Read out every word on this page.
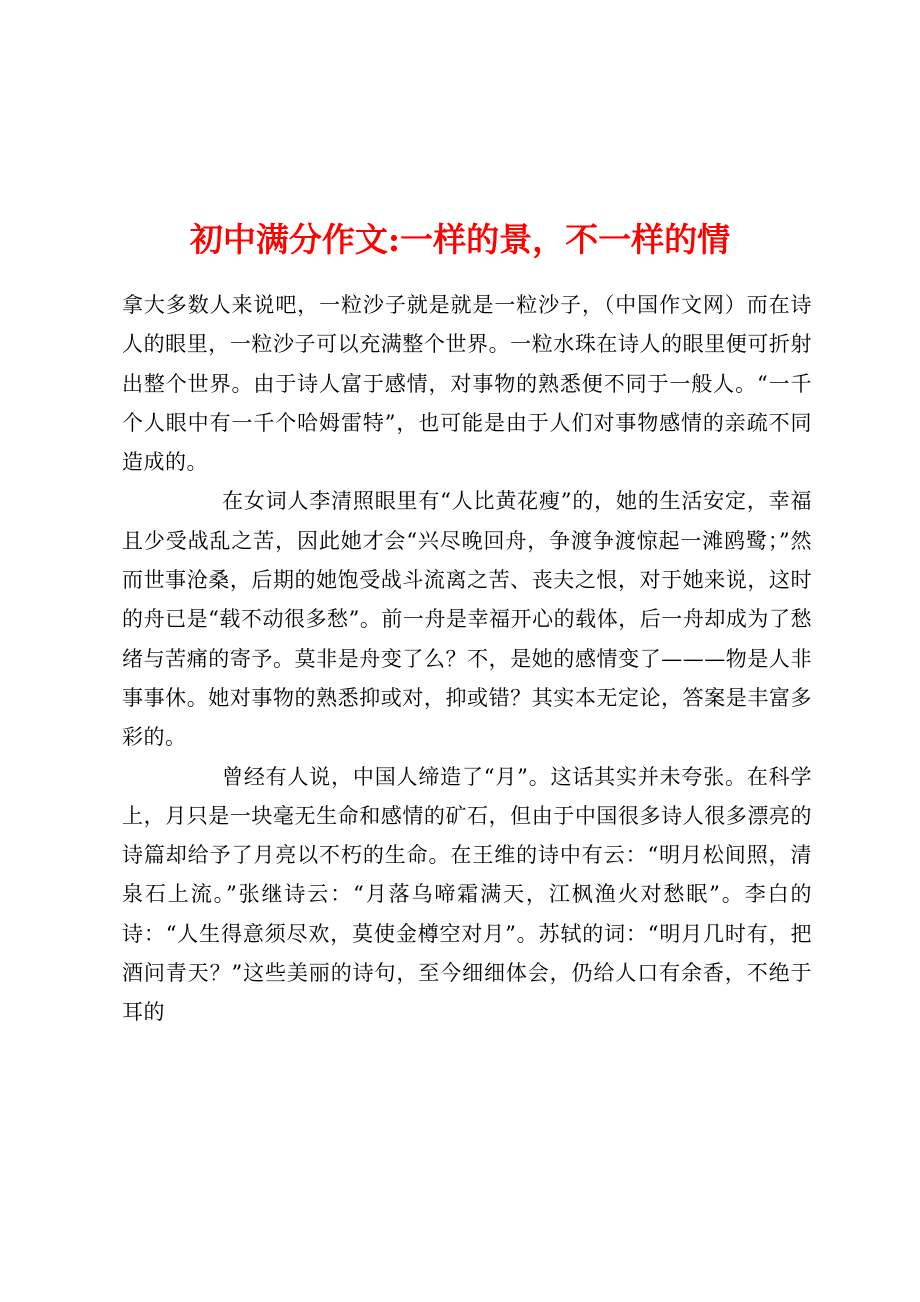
初中满分作文:一样的景，不一样的情

拿大多数人来说吧，一粒沙子就是就是一粒沙子，（中国作文网）而在诗人的眼里，一粒沙子可以充满整个世界。一粒水珠在诗人的眼里便可折射出整个世界。由于诗人富于感情，对事物的熟悉便不同于一般人。“一千个人眼中有一千个哈姆雷特”，也可能是由于人们对事物感情的亲疏不同造成的。

在女词人李清照眼里有“人比黄花瘦”的，她的生活安定，幸福且少受战乱之苦，因此她才会“兴尽晚回舟，争渡争渡惊起一滩鸥鹭；”然而世事沧桑，后期的她饱受战斗流离之苦、丧夫之恨，对于她来说，这时的舟已是“载不动很多愁”。前一舟是幸福开心的载体，后一舟却成为了愁绪与苦痛的寄予。莫非是舟变了么？不，是她的感情变了———物是人非事事休。她对事物的熟悉抑或对，抑或错？其实本无定论，答案是丰富多彩的。

曾经有人说，中国人缔造了“月”。这话其实并未夸张。在科学上，月只是一块毫无生命和感情的矿石，但由于中国很多诗人很多漂亮的诗篇却给予了月亮以不朽的生命。在王维的诗中有云：“明月松间照，清泉石上流。”张继诗云：“月落乌啼霜满天，江枫渔火对愁眠”。李白的诗：“人生得意须尽欢，莫使金樽空对月”。苏轼的词：“明月几时有，把酒问青天？”这些美丽的诗句，至今细细体会，仍给人口有余香，不绝于耳的
